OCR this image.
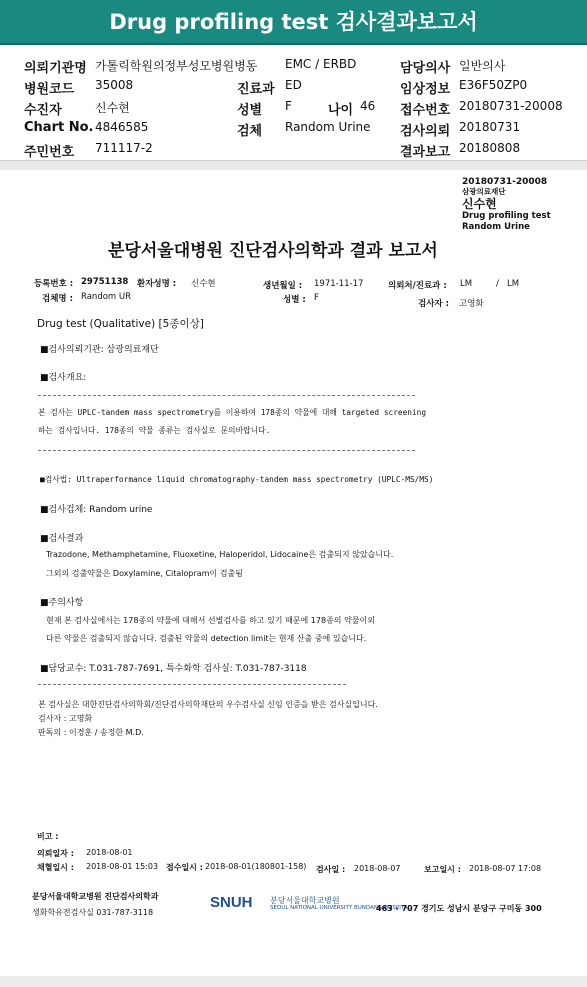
Drug profiling test 검사결과보고서
의뢰기관명 가톨릭학원의정부성모병원병동 EMC / ERBD	담당의사 일반의사
병원코드 35008	진료과 ED	임상정보 E36F50ZP0
수진자	신수현	성별 F	나이 46 접수번호 20180731-20008
Chart No. 4846585	검체 Random Urine 검사의뢰 20180731
주민번호 711117-2	결과보고 20180808
20180731-20008
삼광의료재단
신수현
Drug profiling test
Random Urine
분당서울대병원 진단검사의학과 결과 보고서
등록번호 : 29751138 환자성명 : 신수현	생년월일 : 1971-11-17	의뢰처/진료과 : LM	/ LM
검체명 : Random UR	성별 : F
검사자 : 고영화
Drug test (Qualitative) [5종이상]
■검사의뢰기관: 삼광의료재단
■검사개요:
본 검사는 UPLC-tandem mass spectrometry를 이용하여 178종의 약물에 대해 targeted screening
하는 검사입니다. 178종의 약물 종류는 검사실로 문의바랍니다.
■검사법: Ultraperformance liquid chromatography-tandem mass spectrometry (UPLC-MS/MS)
■검사검체: Random urine
■검사결과
Trazodone, Methamphetamine, Fluoxetine, Haloperidol, Lidocaine은 검출되지 않았습니다.
그외의 검출약물은 Doxylamine, Citalopram이 검출됨
■주의사항
현재 본 검사실에서는 178종의 약물에 대해서 선별검사를 하고 있기 때문에 178종의 약물이외
다른 약물은 검출되지 않습니다. 검출된 약물의 detection limit는 현재 산출 중에 있습니다.
■담당교수: T.031-787-7691, 특수화학 검사실: T.031-787-3118
본 검사실은 대한진단검사의학회/진단검사의학재단의 우수검사실 신임 인증을 받은 검사실입니다.
검사자 : 고명화
판독의 : 이경훈 / 송정한 M.D.
비고 :
의뢰일자 : 2018-08-01
채혈일시 : 2018-08-01 15:03 접수일시 : 2018-08-01(180801-158) 검사일 : 2018-08-07	보고일시 : 2018-08-07 17:08
분당서울대학교병원 진단검사의학과
생화학유전검사실 031-787-3118
SNUH 분당서울대학교병원
SEOUL NATIONAL UNIVERSITY BUNDANG HOSPITAL
463 - 707 경기도 성남시 분당구 구미동 300
